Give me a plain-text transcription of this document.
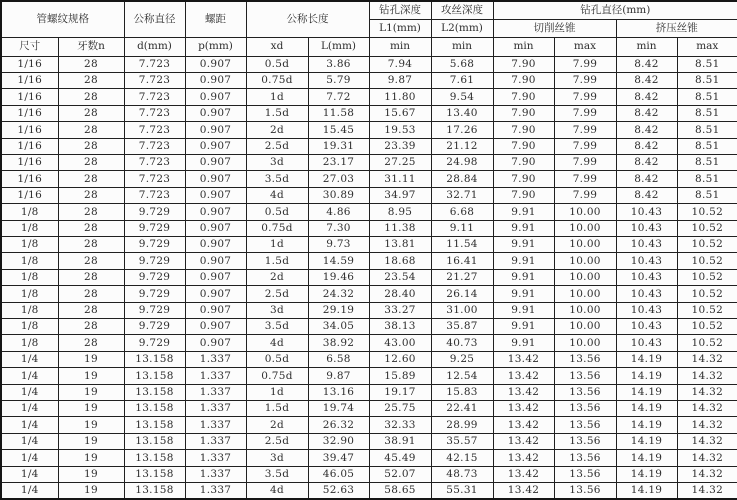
管螺纹规格		公称直径	螺距	公称长度		钻孔深度	攻丝深度	钻孔直径(mm)			
						L1(mm)	L2(mm)	切削丝锥		挤压丝锥	
尺寸	牙数n	d(mm)	p(mm)	xd	L(mm)	min	min	min	max	min	max
1/16	28	7.723	0.907	0.5d	3.86	7.94	5.68	7.90	7.99	8.42	8.51
1/16	28	7.723	0.907	0.75d	5.79	9.87	7.61	7.90	7.99	8.42	8.51
1/16	28	7.723	0.907	1d	7.72	11.80	9.54	7.90	7.99	8.42	8.51
1/16	28	7.723	0.907	1.5d	11.58	15.67	13.40	7.90	7.99	8.42	8.51
1/16	28	7.723	0.907	2d	15.45	19.53	17.26	7.90	7.99	8.42	8.51
1/16	28	7.723	0.907	2.5d	19.31	23.39	21.12	7.90	7.99	8.42	8.51
1/16	28	7.723	0.907	3d	23.17	27.25	24.98	7.90	7.99	8.42	8.51
1/16	28	7.723	0.907	3.5d	27.03	31.11	28.84	7.90	7.99	8.42	8.51
1/16	28	7.723	0.907	4d	30.89	34.97	32.71	7.90	7.99	8.42	8.51
1/8	28	9.729	0.907	0.5d	4.86	8.95	6.68	9.91	10.00	10.43	10.52
1/8	28	9.729	0.907	0.75d	7.30	11.38	9.11	9.91	10.00	10.43	10.52
1/8	28	9.729	0.907	1d	9.73	13.81	11.54	9.91	10.00	10.43	10.52
1/8	28	9.729	0.907	1.5d	14.59	18.68	16.41	9.91	10.00	10.43	10.52
1/8	28	9.729	0.907	2d	19.46	23.54	21.27	9.91	10.00	10.43	10.52
1/8	28	9.729	0.907	2.5d	24.32	28.40	26.14	9.91	10.00	10.43	10.52
1/8	28	9.729	0.907	3d	29.19	33.27	31.00	9.91	10.00	10.43	10.52
1/8	28	9.729	0.907	3.5d	34.05	38.13	35.87	9.91	10.00	10.43	10.52
1/8	28	9.729	0.907	4d	38.92	43.00	40.73	9.91	10.00	10.43	10.52
1/4	19	13.158	1.337	0.5d	6.58	12.60	9.25	13.42	13.56	14.19	14.32
1/4	19	13.158	1.337	0.75d	9.87	15.89	12.54	13.42	13.56	14.19	14.32
1/4	19	13.158	1.337	1d	13.16	19.17	15.83	13.42	13.56	14.19	14.32
1/4	19	13.158	1.337	1.5d	19.74	25.75	22.41	13.42	13.56	14.19	14.32
1/4	19	13.158	1.337	2d	26.32	32.33	28.99	13.42	13.56	14.19	14.32
1/4	19	13.158	1.337	2.5d	32.90	38.91	35.57	13.42	13.56	14.19	14.32
1/4	19	13.158	1.337	3d	39.47	45.49	42.15	13.42	13.56	14.19	14.32
1/4	19	13.158	1.337	3.5d	46.05	52.07	48.73	13.42	13.56	14.19	14.32
1/4	19	13.158	1.337	4d	52.63	58.65	55.31	13.42	13.56	14.19	14.32
